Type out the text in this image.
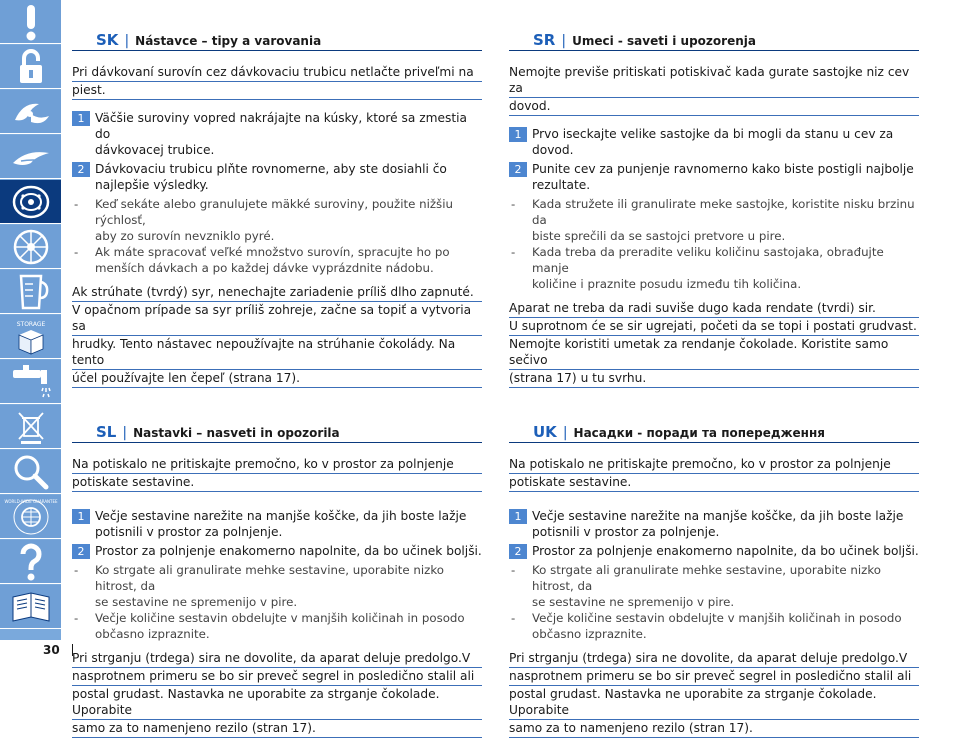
STORAGE
WORLD-WIDE GUARANTEE
30
SK | Nástavce – tipy a varovania
Pri dávkovaní surovín cez dávkovaciu trubicu netlačte priveľmi na
piest.
1 Väčšie suroviny vopred nakrájajte na kúsky, ktoré sa zmestia do
dávkovacej trubice.
2 Dávkovaciu trubicu plňte rovnomerne, aby ste dosiahli čo
najlepšie výsledky.
-	Keď sekáte alebo granulujete mäkké suroviny, použite nižšiu rýchlosť,
aby zo surovín nevzniklo pyré.
-	Ak máte spracovať veľké množstvo surovín, spracujte ho po
menších dávkach a po každej dávke vyprázdnite nádobu.
Ak strúhate (tvrdý) syr, nenechajte zariadenie príliš dlho zapnuté.
V opačnom prípade sa syr príliš zohreje, začne sa topiť a vytvoria sa
hrudky. Tento nástavec nepoužívajte na strúhanie čokolády. Na tento
účel používajte len čepeľ (strana 17).
SL | Nastavki – nasveti in opozorila
Na potiskalo ne pritiskajte premočno, ko v prostor za polnjenje
potiskate sestavine.
1 Večje sestavine narežite na manjše koščke, da jih boste lažje
potisnili v prostor za polnjenje.
2 Prostor za polnjenje enakomerno napolnite, da bo učinek boljši.
-	Ko strgate ali granulirate mehke sestavine, uporabite nizko hitrost, da
se sestavine ne spremenijo v pire.
-	Večje količine sestavin obdelujte v manjših količinah in posodo
občasno izpraznite.
Pri strganju (trdega) sira ne dovolite, da aparat deluje predolgo.V
nasprotnem primeru se bo sir preveč segrel in posledično stalil ali
postal grudast. Nastavka ne uporabite za strganje čokolade. Uporabite
samo za to namenjeno rezilo (stran 17).
SR | Umeci - saveti i upozorenja
Nemojte previše pritiskati potiskivač kada gurate sastojke niz cev za
dovod.
1 Prvo iseckajte velike sastojke da bi mogli da stanu u cev za dovod.
2 Punite cev za punjenje ravnomerno kako biste postigli najbolje
rezultate.
-	Kada stružete ili granulirate meke sastojke, koristite nisku brzinu da
biste sprečili da se sastojci pretvore u pire.
-	Kada treba da preradite veliku količinu sastojaka, obrađujte manje
količine i praznite posudu između tih količina.
Aparat ne treba da radi suviše dugo kada rendate (tvrdi) sir.
U suprotnom će se sir ugrejati, početi da se topi i postati grudvast.
Nemojte koristiti umetak za rendanje čokolade. Koristite samo sečivo
(strana 17) u tu svrhu.
UK | Насадки - поради та попередження
Na potiskalo ne pritiskajte premočno, ko v prostor za polnjenje
potiskate sestavine.
1 Večje sestavine narežite na manjše koščke, da jih boste lažje
potisnili v prostor za polnjenje.
2 Prostor za polnjenje enakomerno napolnite, da bo učinek boljši.
-	Ko strgate ali granulirate mehke sestavine, uporabite nizko hitrost, da
se sestavine ne spremenijo v pire.
-	Večje količine sestavin obdelujte v manjših količinah in posodo
občasno izpraznite.
Pri strganju (trdega) sira ne dovolite, da aparat deluje predolgo.V
nasprotnem primeru se bo sir preveč segrel in posledično stalil ali
postal grudast. Nastavka ne uporabite za strganje čokolade. Uporabite
samo za to namenjeno rezilo (stran 17).
